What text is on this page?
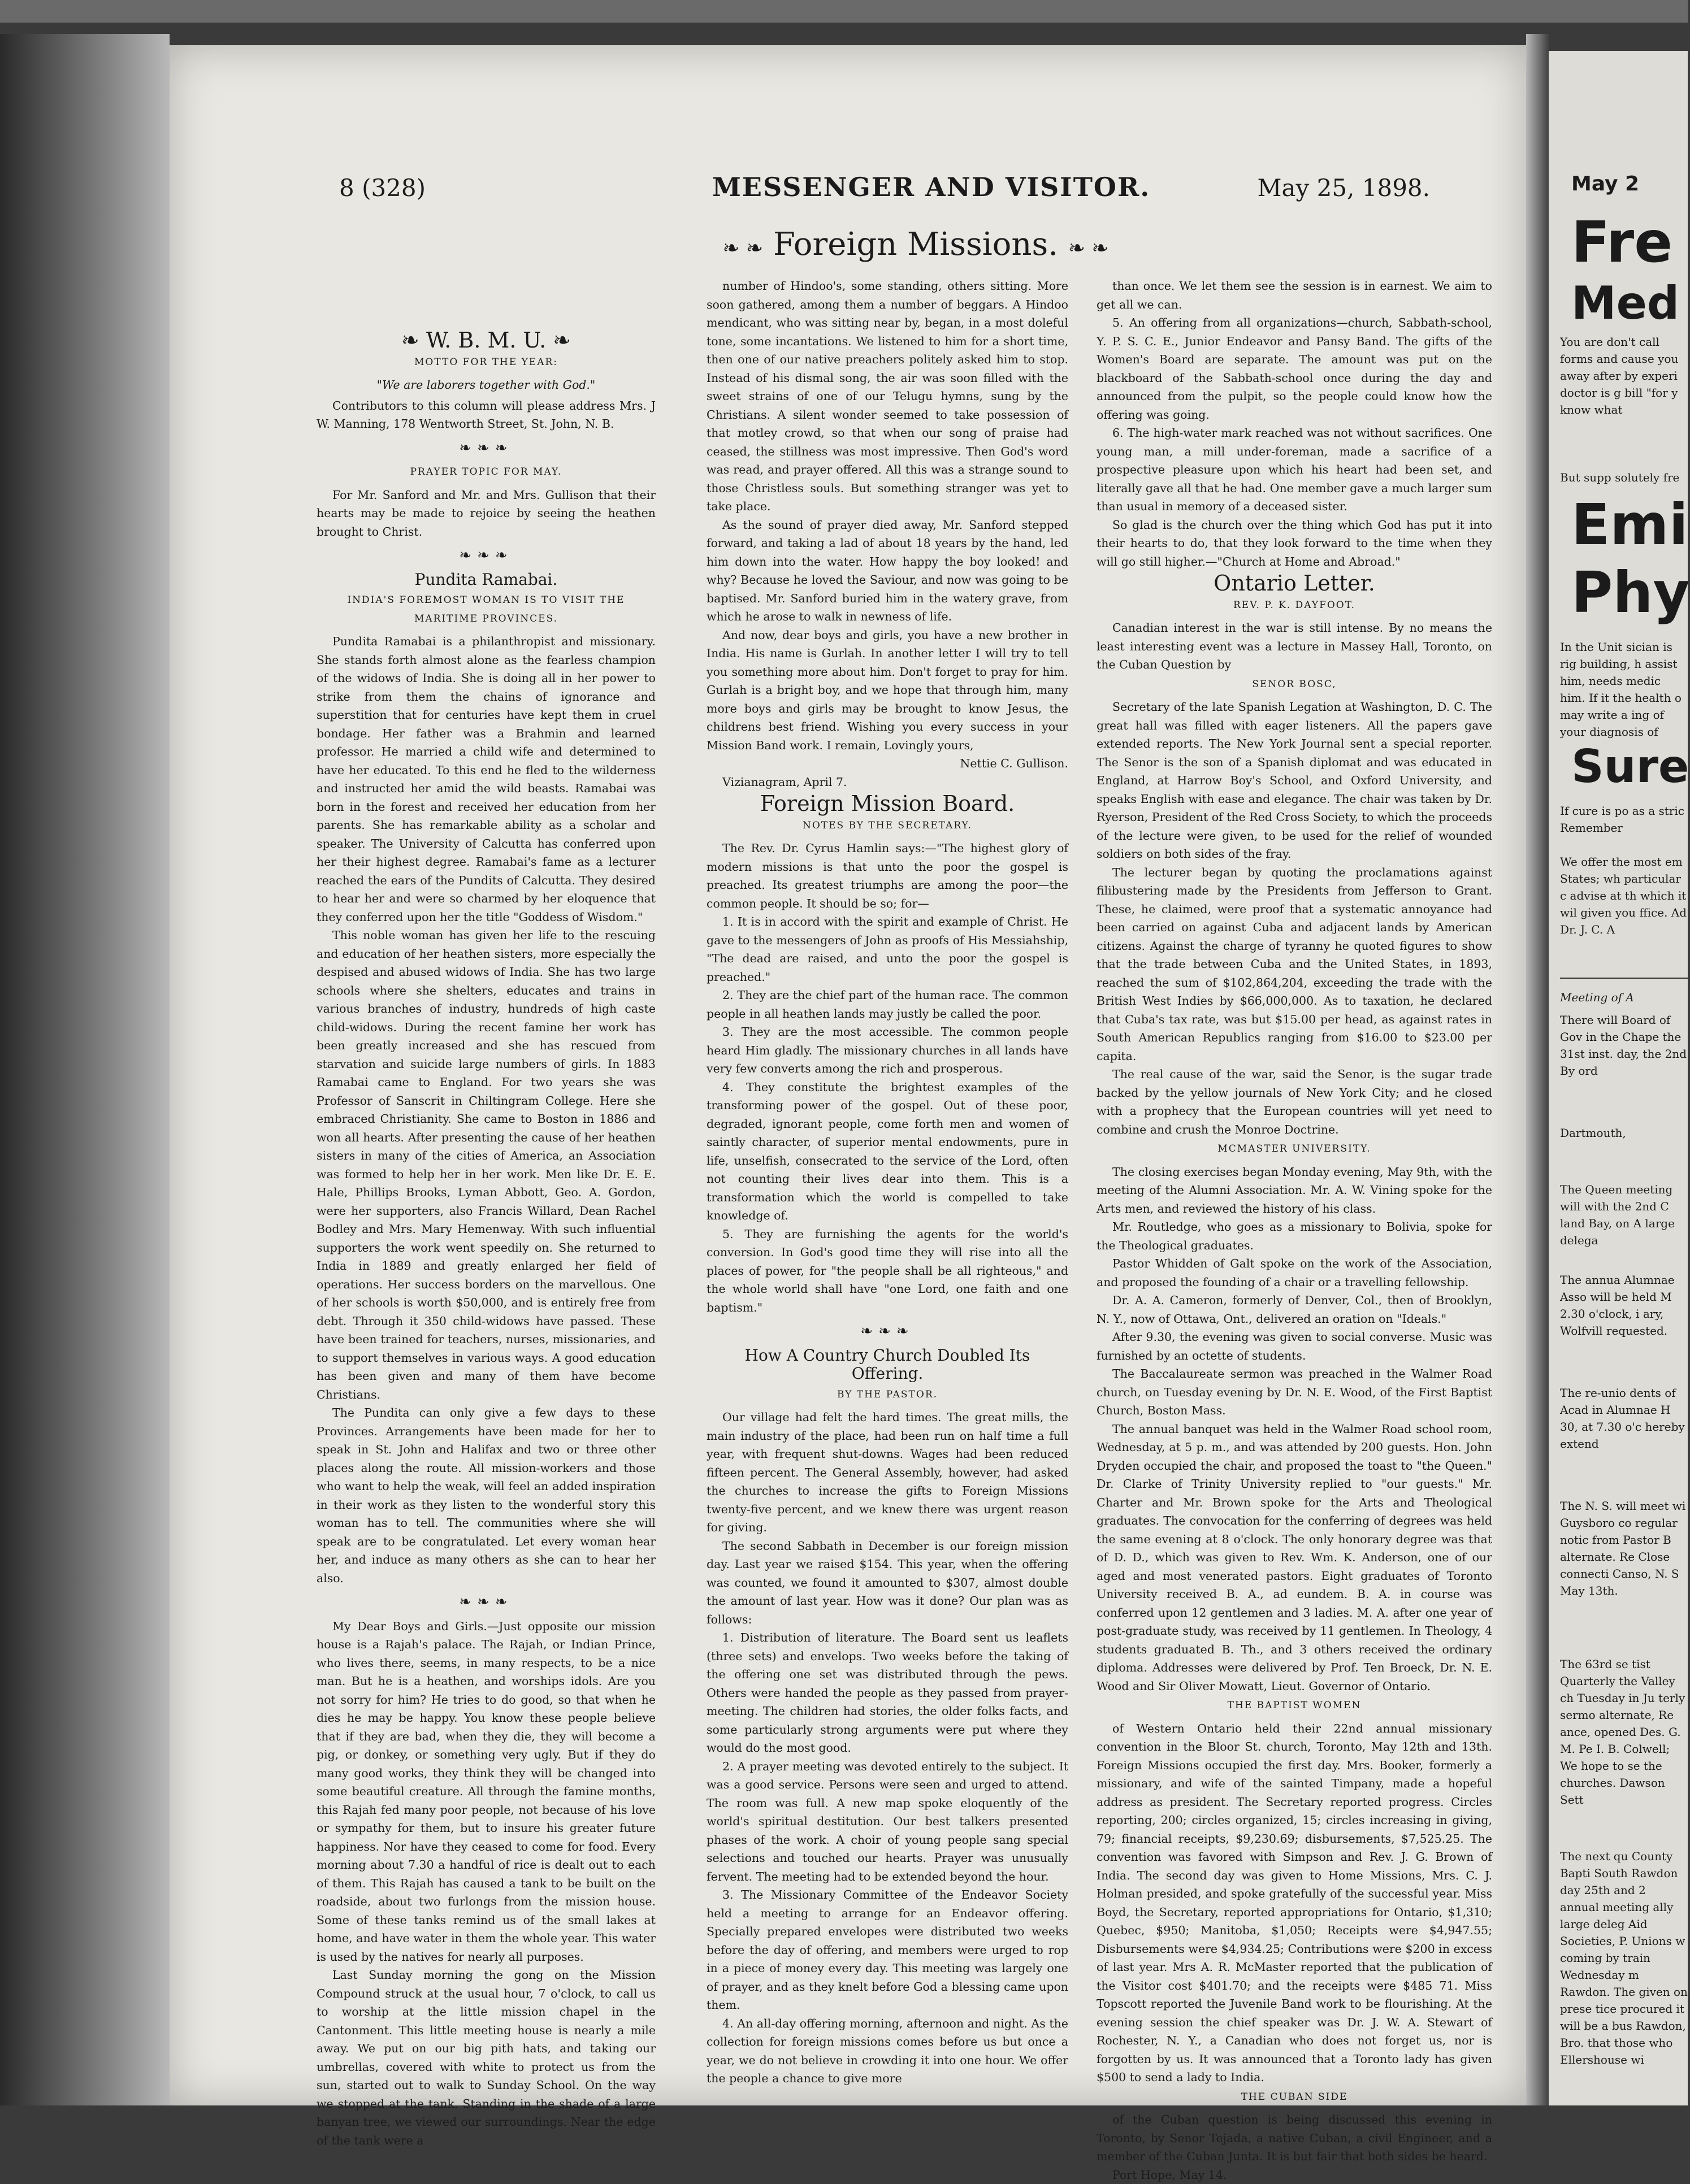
8 (328)	MESSENGER AND VISITOR.	May 25, 1898.
❧ ❧ Foreign Missions. ❧ ❧
❧ W. B. M. U. ❧
MOTTO FOR THE YEAR:
"We are laborers together with God."

Contributors to this column will please address Mrs. J W. Manning, 178 Wentworth Street, St. John, N. B.

❧❧❧
PRAYER TOPIC FOR MAY.

For Mr. Sanford and Mr. and Mrs. Gullison that their hearts may be made to rejoice by seeing the heathen brought to Christ.

❧❧❧
Pundita Ramabai.
INDIA'S FOREMOST WOMAN IS TO VISIT THE MARITIME PROVINCES.

Pundita Ramabai is a philanthropist and missionary. She stands forth almost alone as the fearless champion of the widows of India. She is doing all in her power to strike from them the chains of ignorance and superstition that for centuries have kept them in cruel bondage. Her father was a Brahmin and learned professor. He married a child wife and determined to have her educated. To this end he fled to the wilderness and instructed her amid the wild beasts. Ramabai was born in the forest and received her education from her parents. She has remarkable ability as a scholar and speaker. The University of Calcutta has conferred upon her their highest degree. Ramabai's fame as a lecturer reached the ears of the Pundits of Calcutta. They desired to hear her and were so charmed by her eloquence that they conferred upon her the title "Goddess of Wisdom."

This noble woman has given her life to the rescuing and education of her heathen sisters, more especially the despised and abused widows of India. She has two large schools where she shelters, educates and trains in various branches of industry, hundreds of high caste child-widows. During the recent famine her work has been greatly increased and she has rescued from starvation and suicide large numbers of girls. In 1883 Ramabai came to England. For two years she was Professor of Sanscrit in Chiltingram College. Here she embraced Christianity. She came to Boston in 1886 and won all hearts. After presenting the cause of her heathen sisters in many of the cities of America, an Association was formed to help her in her work. Men like Dr. E. E. Hale, Phillips Brooks, Lyman Abbott, Geo. A. Gordon, were her supporters, also Francis Willard, Dean Rachel Bodley and Mrs. Mary Hemenway. With such influential supporters the work went speedily on. She returned to India in 1889 and greatly enlarged her field of operations. Her success borders on the marvellous. One of her schools is worth $50,000, and is entirely free from debt. Through it 350 child-widows have passed. These have been trained for teachers, nurses, missionaries, and to support themselves in various ways. A good education has been given and many of them have become Christians.

The Pundita can only give a few days to these Provinces. Arrangements have been made for her to speak in St. John and Halifax and two or three other places along the route. All mission-workers and those who want to help the weak, will feel an added inspiration in their work as they listen to the wonderful story this woman has to tell. The communities where she will speak are to be congratulated. Let every woman hear her, and induce as many others as she can to hear her also.

❧❧❧

My Dear Boys and Girls.—Just opposite our mission house is a Rajah's palace. The Rajah, or Indian Prince, who lives there, seems, in many respects, to be a nice man. But he is a heathen, and worships idols. Are you not sorry for him? He tries to do good, so that when he dies he may be happy. You know these people believe that if they are bad, when they die, they will become a pig, or donkey, or something very ugly. But if they do many good works, they think they will be changed into some beautiful creature. All through the famine months, this Rajah fed many poor people, not because of his love or sympathy for them, but to insure his greater future happiness. Nor have they ceased to come for food. Every morning about 7.30 a handful of rice is dealt out to each of them. This Rajah has caused a tank to be built on the roadside, about two furlongs from the mission house. Some of these tanks remind us of the small lakes at home, and have water in them the whole year. This water is used by the natives for nearly all purposes.

Last Sunday morning the gong on the Mission Compound struck at the usual hour, 7 o'clock, to call us to worship at the little mission chapel in the Cantonment. This little meeting house is nearly a mile away. We put on our big pith hats, and taking our umbrellas, covered with white to protect us from the sun, started out to walk to Sunday School. On the way we stopped at the tank. Standing in the shade of a large banyan tree, we viewed our surroundings. Near the edge of the tank were a

number of Hindoo's, some standing, others sitting. More soon gathered, among them a number of beggars. A Hindoo mendicant, who was sitting near by, began, in a most doleful tone, some incantations. We listened to him for a short time, then one of our native preachers politely asked him to stop. Instead of his dismal song, the air was soon filled with the sweet strains of one of our Telugu hymns, sung by the Christians. A silent wonder seemed to take possession of that motley crowd, so that when our song of praise had ceased, the stillness was most impressive. Then God's word was read, and prayer offered. All this was a strange sound to those Christless souls. But something stranger was yet to take place.

As the sound of prayer died away, Mr. Sanford stepped forward, and taking a lad of about 18 years by the hand, led him down into the water. How happy the boy looked! and why? Because he loved the Saviour, and now was going to be baptised. Mr. Sanford buried him in the watery grave, from which he arose to walk in newness of life.

And now, dear boys and girls, you have a new brother in India. His name is Gurlah. In another letter I will try to tell you something more about him. Don't forget to pray for him. Gurlah is a bright boy, and we hope that through him, many more boys and girls may be brought to know Jesus, the childrens best friend. Wishing you every success in your Mission Band work. I remain, Lovingly yours,

Nettie C. Gullison.

Vizianagram, April 7.

Foreign Mission Board.
NOTES BY THE SECRETARY.

The Rev. Dr. Cyrus Hamlin says:—"The highest glory of modern missions is that unto the poor the gospel is preached. Its greatest triumphs are among the poor—the common people. It should be so; for—

1. It is in accord with the spirit and example of Christ. He gave to the messengers of John as proofs of His Messiahship, "The dead are raised, and unto the poor the gospel is preached."

2. They are the chief part of the human race. The common people in all heathen lands may justly be called the poor.

3. They are the most accessible. The common people heard Him gladly. The missionary churches in all lands have very few converts among the rich and prosperous.

4. They constitute the brightest examples of the transforming power of the gospel. Out of these poor, degraded, ignorant people, come forth men and women of saintly character, of superior mental endowments, pure in life, unselfish, consecrated to the service of the Lord, often not counting their lives dear into them. This is a transformation which the world is compelled to take knowledge of.

5. They are furnishing the agents for the world's conversion. In God's good time they will rise into all the places of power, for "the people shall be all righteous," and the whole world shall have "one Lord, one faith and one baptism."

❧❧❧
How A Country Church Doubled Its Offering.
BY THE PASTOR.

Our village had felt the hard times. The great mills, the main industry of the place, had been run on half time a full year, with frequent shut-downs. Wages had been reduced fifteen percent. The General Assembly, however, had asked the churches to increase the gifts to Foreign Missions twenty-five percent, and we knew there was urgent reason for giving.

The second Sabbath in December is our foreign mission day. Last year we raised $154. This year, when the offering was counted, we found it amounted to $307, almost double the amount of last year. How was it done? Our plan was as follows:

1. Distribution of literature. The Board sent us leaflets (three sets) and envelops. Two weeks before the taking of the offering one set was distributed through the pews. Others were handed the people as they passed from prayer-meeting. The children had stories, the older folks facts, and some particularly strong arguments were put where they would do the most good.

2. A prayer meeting was devoted entirely to the subject. It was a good service. Persons were seen and urged to attend. The room was full. A new map spoke eloquently of the world's spiritual destitution. Our best talkers presented phases of the work. A choir of young people sang special selections and touched our hearts. Prayer was unusually fervent. The meeting had to be extended beyond the hour.

3. The Missionary Committee of the Endeavor Society held a meeting to arrange for an Endeavor offering. Specially prepared envelopes were distributed two weeks before the day of offering, and members were urged to rop in a piece of money every day. This meeting was largely one of prayer, and as they knelt before God a blessing came upon them.

4. An all-day offering morning, afternoon and night. As the collection for foreign missions comes before us but once a year, we do not believe in crowding it into one hour. We offer the people a chance to give more

than once. We let them see the session is in earnest. We aim to get all we can.

5. An offering from all organizations—church, Sabbath-school, Y. P. S. C. E., Junior Endeavor and Pansy Band. The gifts of the Women's Board are separate. The amount was put on the blackboard of the Sabbath-school once during the day and announced from the pulpit, so the people could know how the offering was going.

6. The high-water mark reached was not without sacrifices. One young man, a mill under-foreman, made a sacrifice of a prospective pleasure upon which his heart had been set, and literally gave all that he had. One member gave a much larger sum than usual in memory of a deceased sister.

So glad is the church over the thing which God has put it into their hearts to do, that they look forward to the time when they will go still higher.—"Church at Home and Abroad."

Ontario Letter.
REV. P. K. DAYFOOT.

Canadian interest in the war is still intense. By no means the least interesting event was a lecture in Massey Hall, Toronto, on the Cuban Question by

SENOR BOSC,

Secretary of the late Spanish Legation at Washington, D. C. The great hall was filled with eager listeners. All the papers gave extended reports. The New York Journal sent a special reporter. The Senor is the son of a Spanish diplomat and was educated in England, at Harrow Boy's School, and Oxford University, and speaks English with ease and elegance. The chair was taken by Dr. Ryerson, President of the Red Cross Society, to which the proceeds of the lecture were given, to be used for the relief of wounded soldiers on both sides of the fray.

The lecturer began by quoting the proclamations against filibustering made by the Presidents from Jefferson to Grant. These, he claimed, were proof that a systematic annoyance had been carried on against Cuba and adjacent lands by American citizens. Against the charge of tyranny he quoted figures to show that the trade between Cuba and the United States, in 1893, reached the sum of $102,864,204, exceeding the trade with the British West Indies by $66,000,000. As to taxation, he declared that Cuba's tax rate, was but $15.00 per head, as against rates in South American Republics ranging from $16.00 to $23.00 per capita.

The real cause of the war, said the Senor, is the sugar trade backed by the yellow journals of New York City; and he closed with a prophecy that the European countries will yet need to combine and crush the Monroe Doctrine.

MCMASTER UNIVERSITY.

The closing exercises began Monday evening, May 9th, with the meeting of the Alumni Association. Mr. A. W. Vining spoke for the Arts men, and reviewed the history of his class.

Mr. Routledge, who goes as a missionary to Bolivia, spoke for the Theological graduates.

Pastor Whidden of Galt spoke on the work of the Association, and proposed the founding of a chair or a travelling fellowship.

Dr. A. A. Cameron, formerly of Denver, Col., then of Brooklyn, N. Y., now of Ottawa, Ont., delivered an oration on "Ideals."

After 9.30, the evening was given to social converse. Music was furnished by an octette of students.

The Baccalaureate sermon was preached in the Walmer Road church, on Tuesday evening by Dr. N. E. Wood, of the First Baptist Church, Boston Mass.

The annual banquet was held in the Walmer Road school room, Wednesday, at 5 p. m., and was attended by 200 guests. Hon. John Dryden occupied the chair, and proposed the toast to "the Queen." Dr. Clarke of Trinity University replied to "our guests." Mr. Charter and Mr. Brown spoke for the Arts and Theological graduates. The convocation for the conferring of degrees was held the same evening at 8 o'clock. The only honorary degree was that of D. D., which was given to Rev. Wm. K. Anderson, one of our aged and most venerated pastors. Eight graduates of Toronto University received B. A., ad eundem. B. A. in course was conferred upon 12 gentlemen and 3 ladies. M. A. after one year of post-graduate study, was received by 11 gentlemen. In Theology, 4 students graduated B. Th., and 3 others received the ordinary diploma. Addresses were delivered by Prof. Ten Broeck, Dr. N. E. Wood and Sir Oliver Mowatt, Lieut. Governor of Ontario.

THE BAPTIST WOMEN

of Western Ontario held their 22nd annual missionary convention in the Bloor St. church, Toronto, May 12th and 13th. Foreign Missions occupied the first day. Mrs. Booker, formerly a missionary, and wife of the sainted Timpany, made a hopeful address as president. The Secretary reported progress. Circles reporting, 200; circles organized, 15; circles increasing in giving, 79; financial receipts, $9,230.69; disbursements, $7,525.25. The convention was favored with Simpson and Rev. J. G. Brown of India. The second day was given to Home Missions, Mrs. C. J. Holman presided, and spoke gratefully of the successful year. Miss Boyd, the Secretary, reported appropriations for Ontario, $1,310; Quebec, $950; Manitoba, $1,050; Receipts were $4,947.55; Disbursements were $4,934.25; Contributions were $200 in excess of last year. Mrs A. R. McMaster reported that the publication of the Visitor cost $401.70; and the receipts were $485 71. Miss Topscott reported the Juvenile Band work to be flourishing. At the evening session the chief speaker was Dr. J. W. A. Stewart of Rochester, N. Y., a Canadian who does not forget us, nor is forgotten by us. It was announced that a Toronto lady has given $500 to send a lady to India.

THE CUBAN SIDE

of the Cuban question is being discussed this evening in Toronto, by Senor Tejada, a native Cuban, a civil Engineer, and a member of the Cuban Junta. It is but fair that both sides be heard.

Port Hope, May 14.

May 2
Fre
Med
You are don't call forms and cause you away after by experi doctor is g bill "for y know what
But supp solutely fre
Emi
Phy
In the Unit sician is rig building, h assist him, needs medic him. If it the health o may write a ing of your diagnosis of
Sure
If cure is po as a stric Remember
We offer the most em States; wh particular c advise at th which it wil given you ffice. Ad Dr. J. C. A
Meeting of A
There will Board of Gov in the Chape the 31st inst. day, the 2nd By ord
Dartmouth,
The Queen meeting will with the 2nd C land Bay, on A large delega
The annua Alumnae Asso will be held M 2.30 o'clock, i ary, Wolfvill requested.
The re-unio dents of Acad in Alumnae H 30, at 7.30 o'c hereby extend
The N. S. will meet wi Guysboro co regular notic from Pastor B alternate. Re Close connecti Canso, N. S May 13th.
The 63rd se tist Quarterly the Valley ch Tuesday in Ju terly sermo alternate, Re ance, opened Des. G. M. Pe I. B. Colwell; We hope to se the churches. Dawson Sett
The next qu County Bapti South Rawdon day 25th and 2 annual meeting ally large deleg Aid Societies, P. Unions w coming by train Wednesday m Rawdon. The given on prese tice procured it will be a bus Rawdon, Bro. that those who Ellershouse wi
